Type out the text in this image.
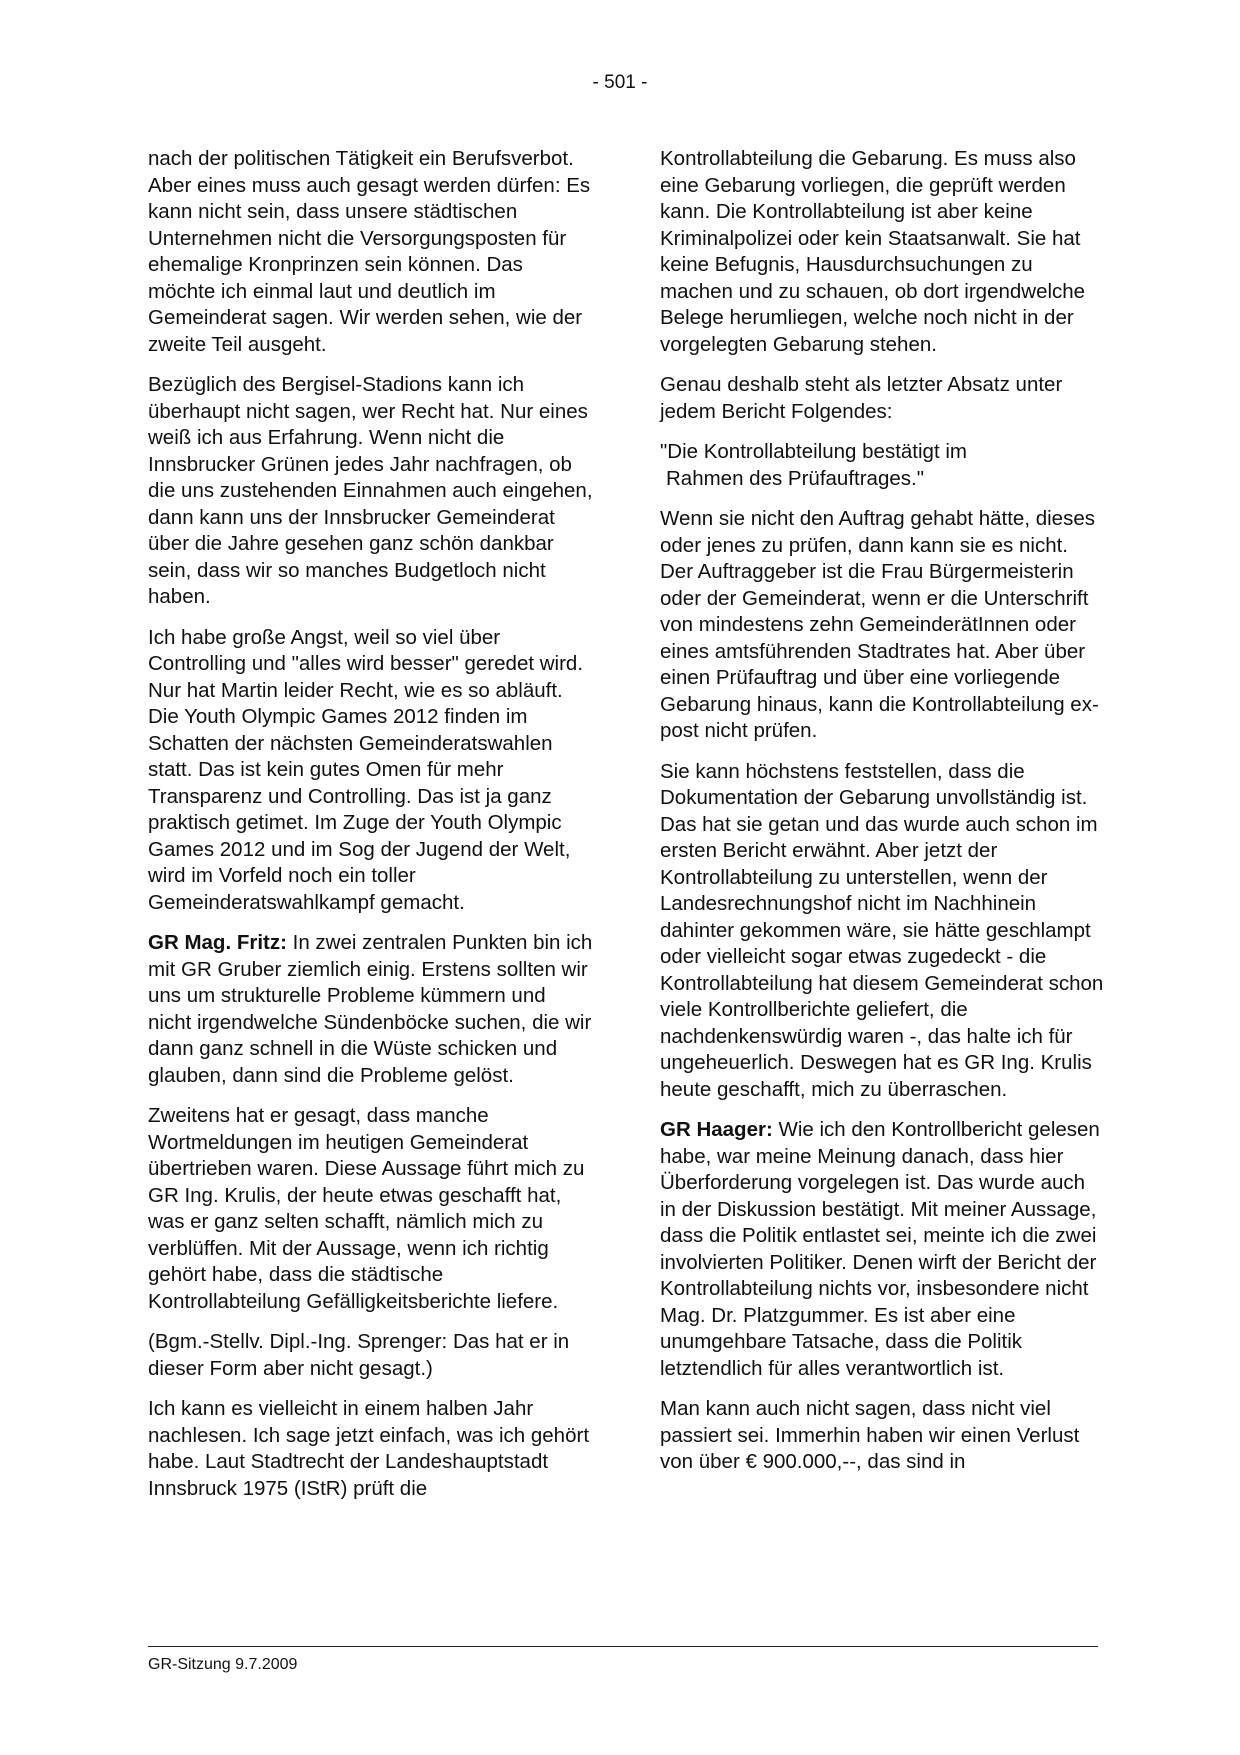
- 501 -

nach der politischen Tätigkeit ein Berufsverbot. Aber eines muss auch gesagt werden dürfen: Es kann nicht sein, dass unsere städtischen Unternehmen nicht die Versorgungsposten für ehemalige Kronprinzen sein können. Das möchte ich einmal laut und deutlich im Gemeinderat sagen. Wir werden sehen, wie der zweite Teil ausgeht.

Bezüglich des Bergisel-Stadions kann ich überhaupt nicht sagen, wer Recht hat. Nur eines weiß ich aus Erfahrung. Wenn nicht die Innsbrucker Grünen jedes Jahr nachfragen, ob die uns zustehenden Einnahmen auch eingehen, dann kann uns der Innsbrucker Gemeinderat über die Jahre gesehen ganz schön dankbar sein, dass wir so manches Budgetloch nicht haben.

Ich habe große Angst, weil so viel über Controlling und "alles wird besser" geredet wird. Nur hat Martin leider Recht, wie es so abläuft. Die Youth Olympic Games 2012 finden im Schatten der nächsten Gemeinderatswahlen statt. Das ist kein gutes Omen für mehr Transparenz und Controlling. Das ist ja ganz praktisch getimet. Im Zuge der Youth Olympic Games 2012 und im Sog der Jugend der Welt, wird im Vorfeld noch ein toller Gemeinderatswahlkampf gemacht.

GR Mag. Fritz: In zwei zentralen Punkten bin ich mit GR Gruber ziemlich einig. Erstens sollten wir uns um strukturelle Probleme kümmern und nicht irgendwelche Sündenböcke suchen, die wir dann ganz schnell in die Wüste schicken und glauben, dann sind die Probleme gelöst.

Zweitens hat er gesagt, dass manche Wortmeldungen im heutigen Gemeinderat übertrieben waren. Diese Aussage führt mich zu GR Ing. Krulis, der heute etwas geschafft hat, was er ganz selten schafft, nämlich mich zu verblüffen. Mit der Aussage, wenn ich richtig gehört habe, dass die städtische Kontrollabteilung Gefälligkeitsberichte liefere.

(Bgm.-Stellv. Dipl.-Ing. Sprenger: Das hat er in dieser Form aber nicht gesagt.)

Ich kann es vielleicht in einem halben Jahr nachlesen. Ich sage jetzt einfach, was ich gehört habe. Laut Stadtrecht der Landeshauptstadt Innsbruck 1975 (IStR) prüft die

Kontrollabteilung die Gebarung. Es muss also eine Gebarung vorliegen, die geprüft werden kann. Die Kontrollabteilung ist aber keine Kriminalpolizei oder kein Staatsanwalt. Sie hat keine Befugnis, Hausdurchsuchungen zu machen und zu schauen, ob dort irgendwelche Belege herumliegen, welche noch nicht in der vorgelegten Gebarung stehen.

Genau deshalb steht als letzter Absatz unter jedem Bericht Folgendes:

"Die Kontrollabteilung bestätigt im
Rahmen des Prüfauftrages."

Wenn sie nicht den Auftrag gehabt hätte, dieses oder jenes zu prüfen, dann kann sie es nicht. Der Auftraggeber ist die Frau Bürgermeisterin oder der Gemeinderat, wenn er die Unterschrift von mindestens zehn GemeinderätInnen oder eines amtsführenden Stadtrates hat. Aber über einen Prüfauftrag und über eine vorliegende Gebarung hinaus, kann die Kontrollabteilung ex-post nicht prüfen.

Sie kann höchstens feststellen, dass die Dokumentation der Gebarung unvollständig ist. Das hat sie getan und das wurde auch schon im ersten Bericht erwähnt. Aber jetzt der Kontrollabteilung zu unterstellen, wenn der Landesrechnungshof nicht im Nachhinein dahinter gekommen wäre, sie hätte geschlampt oder vielleicht sogar etwas zugedeckt - die Kontrollabteilung hat diesem Gemeinderat schon viele Kontrollberichte geliefert, die nachdenkenswürdig waren -, das halte ich für ungeheuerlich. Deswegen hat es GR Ing. Krulis heute geschafft, mich zu überraschen.

GR Haager: Wie ich den Kontrollbericht gelesen habe, war meine Meinung danach, dass hier Überforderung vorgelegen ist. Das wurde auch in der Diskussion bestätigt. Mit meiner Aussage, dass die Politik entlastet sei, meinte ich die zwei involvierten Politiker. Denen wirft der Bericht der Kontrollabteilung nichts vor, insbesondere nicht Mag. Dr. Platzgummer. Es ist aber eine unumgehbare Tatsache, dass die Politik letztendlich für alles verantwortlich ist.

Man kann auch nicht sagen, dass nicht viel passiert sei. Immerhin haben wir einen Verlust von über € 900.000,--, das sind in

GR-Sitzung 9.7.2009
